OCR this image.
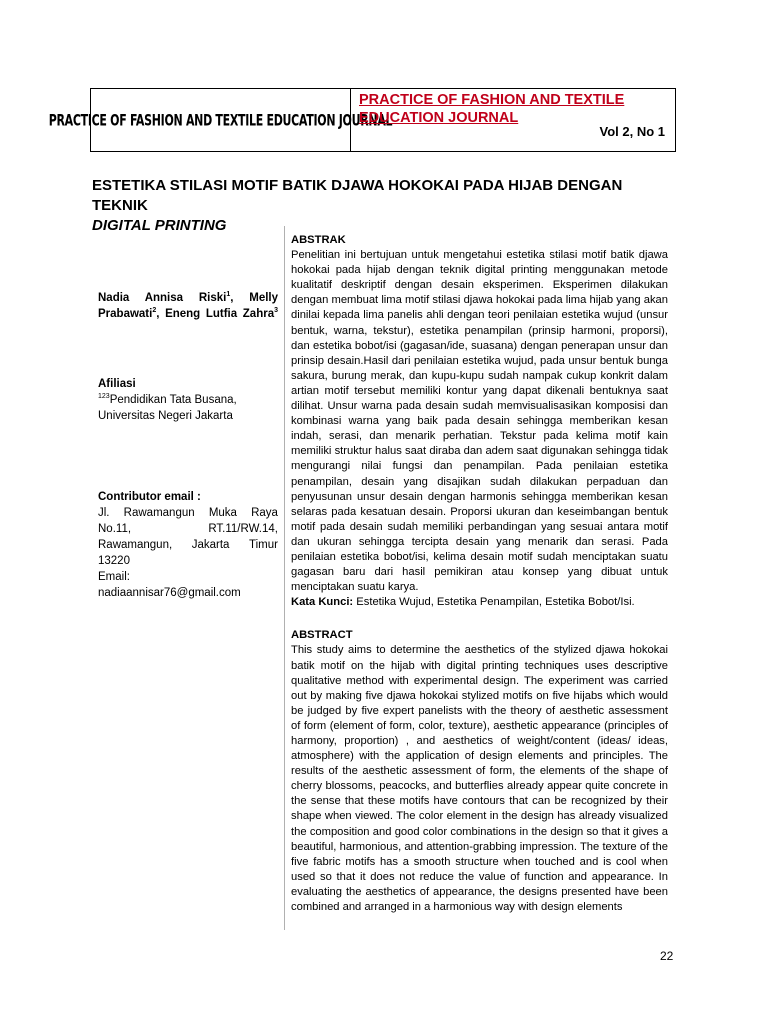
PRACTICE OF FASHION AND TEXTILE EDUCATION JOURNAL
PRACTICE OF FASHION AND TEXTILE
EDUCATION JOURNAL
Vol 2, No 1
ESTETIKA STILASI MOTIF BATIK DJAWA HOKOKAI PADA HIJAB DENGAN TEKNIK
DIGITAL PRINTING
Nadia Annisa Riski$^1$, Melly Prabawati$^2$, Eneng Lutfia Zahra$^3$
Afiliasi
$^{123}$Pendidikan Tata Busana,
Universitas Negeri Jakarta
Contributor email :
Jl. Rawamangun Muka Raya
No.11,	RT.11/RW.14,
Rawamangun, Jakarta Timur
13220
Email:
nadiaannisar76@gmail.com
ABSTRAK
Penelitian ini bertujuan untuk mengetahui estetika stilasi motif batik djawa hokokai pada hijab dengan teknik digital printing menggunakan metode kualitatif deskriptif dengan desain eksperimen. Eksperimen dilakukan dengan membuat lima motif stilasi djawa hokokai pada lima hijab yang akan dinilai kepada lima panelis ahli dengan teori penilaian estetika wujud (unsur bentuk, warna, tekstur), estetika penampilan (prinsip harmoni, proporsi), dan estetika bobot/isi (gagasan/ide, suasana) dengan penerapan unsur dan prinsip desain.Hasil dari penilaian estetika wujud, pada unsur bentuk bunga sakura, burung merak, dan kupu-kupu sudah nampak cukup konkrit dalam artian motif tersebut memiliki kontur yang dapat dikenali bentuknya saat dilihat. Unsur warna pada desain sudah memvisualisasikan komposisi dan kombinasi warna yang baik pada desain sehingga memberikan kesan indah, serasi, dan menarik perhatian. Tekstur pada kelima motif kain memiliki struktur halus saat diraba dan adem saat digunakan sehingga tidak mengurangi nilai fungsi dan penampilan. Pada penilaian estetika penampilan, desain yang disajikan sudah dilakukan perpaduan dan penyusunan unsur desain dengan harmonis sehingga memberikan kesan selaras pada kesatuan desain. Proporsi ukuran dan keseimbangan bentuk motif pada desain sudah memiliki perbandingan yang sesuai antara motif dan ukuran sehingga tercipta desain yang menarik dan serasi. Pada penilaian estetika bobot/isi, kelima desain motif sudah menciptakan suatu gagasan baru dari hasil pemikiran atau konsep yang dibuat untuk menciptakan suatu karya.
Kata Kunci: Estetika Wujud, Estetika Penampilan, Estetika Bobot/Isi.
ABSTRACT
This study aims to determine the aesthetics of the stylized djawa hokokai batik motif on the hijab with digital printing techniques uses descriptive qualitative method with experimental design. The experiment was carried out by making five djawa hokokai stylized motifs on five hijabs which would be judged by five expert panelists with the theory of aesthetic assessment of form (element of form, color, texture), aesthetic appearance (principles of harmony, proportion) , and aesthetics of weight/content (ideas/ ideas, atmosphere) with the application of design elements and principles. The results of the aesthetic assessment of form, the elements of the shape of cherry blossoms, peacocks, and butterflies already appear quite concrete in the sense that these motifs have contours that can be recognized by their shape when viewed. The color element in the design has already visualized the composition and good color combinations in the design so that it gives a beautiful, harmonious, and attention-grabbing impression. The texture of the five fabric motifs has a smooth structure when touched and is cool when used so that it does not reduce the value of function and appearance. In evaluating the aesthetics of appearance, the designs presented have been combined and arranged in a harmonious way with design elements
22
